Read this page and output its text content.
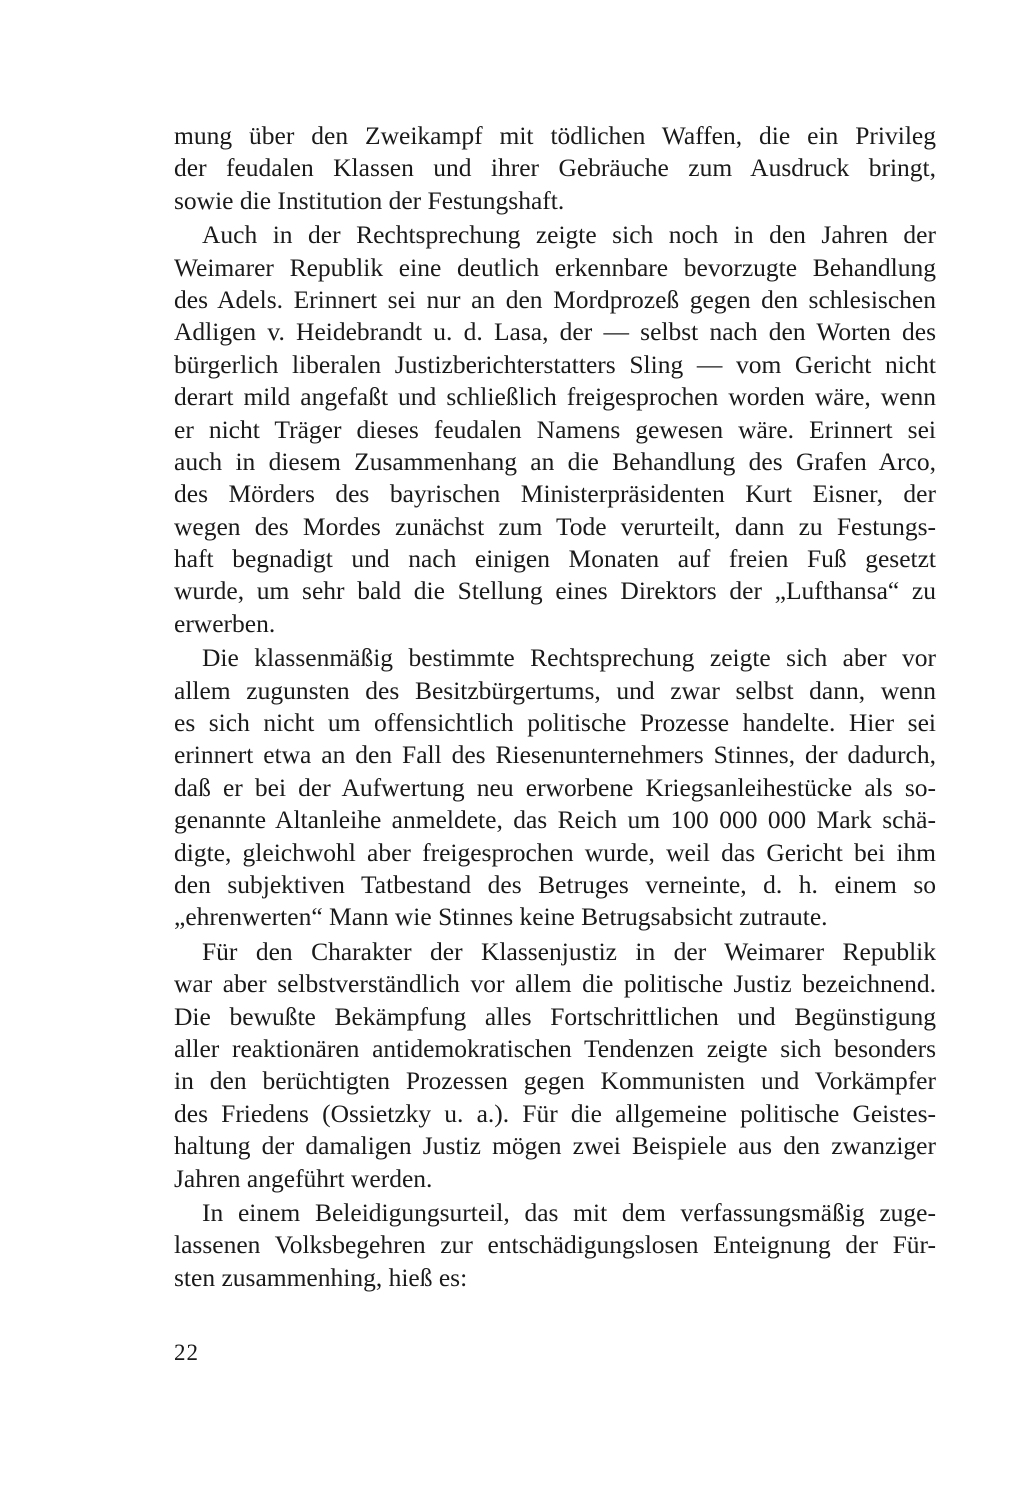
mung über den Zweikampf mit tödlichen Waffen, die ein Privileg
der feudalen Klassen und ihrer Gebräuche zum Ausdruck bringt,
sowie die Institution der Festungshaft.

Auch in der Rechtsprechung zeigte sich noch in den Jahren der
Weimarer Republik eine deutlich erkennbare bevorzugte Behandlung
des Adels. Erinnert sei nur an den Mordprozeß gegen den schlesischen
Adligen v. Heidebrandt u. d. Lasa, der — selbst nach den Worten des
bürgerlich liberalen Justizberichterstatters Sling — vom Gericht nicht
derart mild angefaßt und schließlich freigesprochen worden wäre, wenn
er nicht Träger dieses feudalen Namens gewesen wäre. Erinnert sei
auch in diesem Zusammenhang an die Behandlung des Grafen Arco,
des Mörders des bayrischen Ministerpräsidenten Kurt Eisner, der
wegen des Mordes zunächst zum Tode verurteilt, dann zu Festungs-
haft begnadigt und nach einigen Monaten auf freien Fuß gesetzt
wurde, um sehr bald die Stellung eines Direktors der „Lufthansa“ zu
erwerben.

Die klassenmäßig bestimmte Rechtsprechung zeigte sich aber vor
allem zugunsten des Besitzbürgertums, und zwar selbst dann, wenn
es sich nicht um offensichtlich politische Prozesse handelte. Hier sei
erinnert etwa an den Fall des Riesenunternehmers Stinnes, der dadurch,
daß er bei der Aufwertung neu erworbene Kriegsanleihestücke als so-
genannte Altanleihe anmeldete, das Reich um 100 000 000 Mark schä-
digte, gleichwohl aber freigesprochen wurde, weil das Gericht bei ihm
den subjektiven Tatbestand des Betruges verneinte, d. h. einem so
„ehrenwerten“ Mann wie Stinnes keine Betrugsabsicht zutraute.

Für den Charakter der Klassenjustiz in der Weimarer Republik
war aber selbstverständlich vor allem die politische Justiz bezeichnend.
Die bewußte Bekämpfung alles Fortschrittlichen und Begünstigung
aller reaktionären antidemokratischen Tendenzen zeigte sich besonders
in den berüchtigten Prozessen gegen Kommunisten und Vorkämpfer
des Friedens (Ossietzky u. a.). Für die allgemeine politische Geistes-
haltung der damaligen Justiz mögen zwei Beispiele aus den zwanziger
Jahren angeführt werden.

In einem Beleidigungsurteil, das mit dem verfassungsmäßig zuge-
lassenen Volksbegehren zur entschädigungslosen Enteignung der Für-
sten zusammenhing, hieß es:

22
